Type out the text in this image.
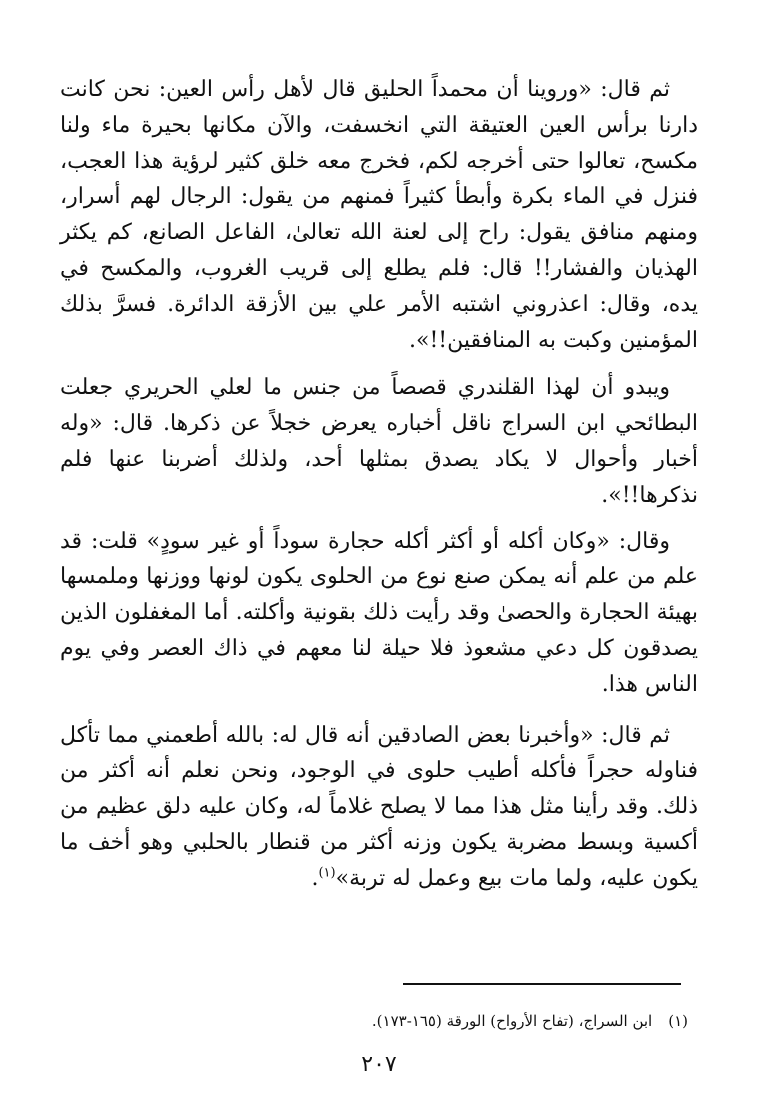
ثم قال: «وروينا أن محمداً الحليق قال لأهل رأس العين: نحن كانت دارنا برأس العين العتيقة التي انخسفت، والآن مكانها بحيرة ماء ولنا مكسح، تعالوا حتى أخرجه لكم، فخرج معه خلق كثير لرؤية هذا العجب، فنزل في الماء بكرة وأبطأ كثيراً فمنهم من يقول: الرجال لهم أسرار، ومنهم منافق يقول: راح إلى لعنة الله تعالىٰ، الفاعل الصانع، كم يكثر الهذيان والفشار!! قال: فلم يطلع إلى قريب الغروب، والمكسح في يده، وقال: اعذروني اشتبه الأمر علي بين الأزقة الدائرة. فسرَّ بذلك المؤمنين وكبت به المنافقين!!».

ويبدو أن لهذا القلندري قصصاً من جنس ما لعلي الحريري جعلت البطائحي ابن السراج ناقل أخباره يعرض خجلاً عن ذكرها. قال: «وله أخبار وأحوال لا يكاد يصدق بمثلها أحد، ولذلك أضربنا عنها فلم نذكرها!!».

وقال: «وكان أكله أو أكثر أكله حجارة سوداً أو غير سودٍ» قلت: قد علم من علم أنه يمكن صنع نوع من الحلوى يكون لونها ووزنها وملمسها بهيئة الحجارة والحصىٰ وقد رأيت ذلك بقونية وأكلته. أما المغفلون الذين يصدقون كل دعي مشعوذ فلا حيلة لنا معهم في ذاك العصر وفي يوم الناس هذا.

ثم قال: «وأخبرنا بعض الصادقين أنه قال له: بالله أطعمني مما تأكل فناوله حجراً فأكله أطيب حلوى في الوجود، ونحن نعلم أنه أكثر من ذلك. وقد رأينا مثل هذا مما لا يصلح غلاماً له، وكان عليه دلق عظيم من أكسية وبسط مضربة يكون وزنه أكثر من قنطار بالحلبي وهو أخف ما يكون عليه، ولما مات بيع وعمل له تربة»$^{(١)}$.

(١)ابن السراج، (تفاح الأرواح) الورقة (١٦٥-١٧٣).
٢٠٧
